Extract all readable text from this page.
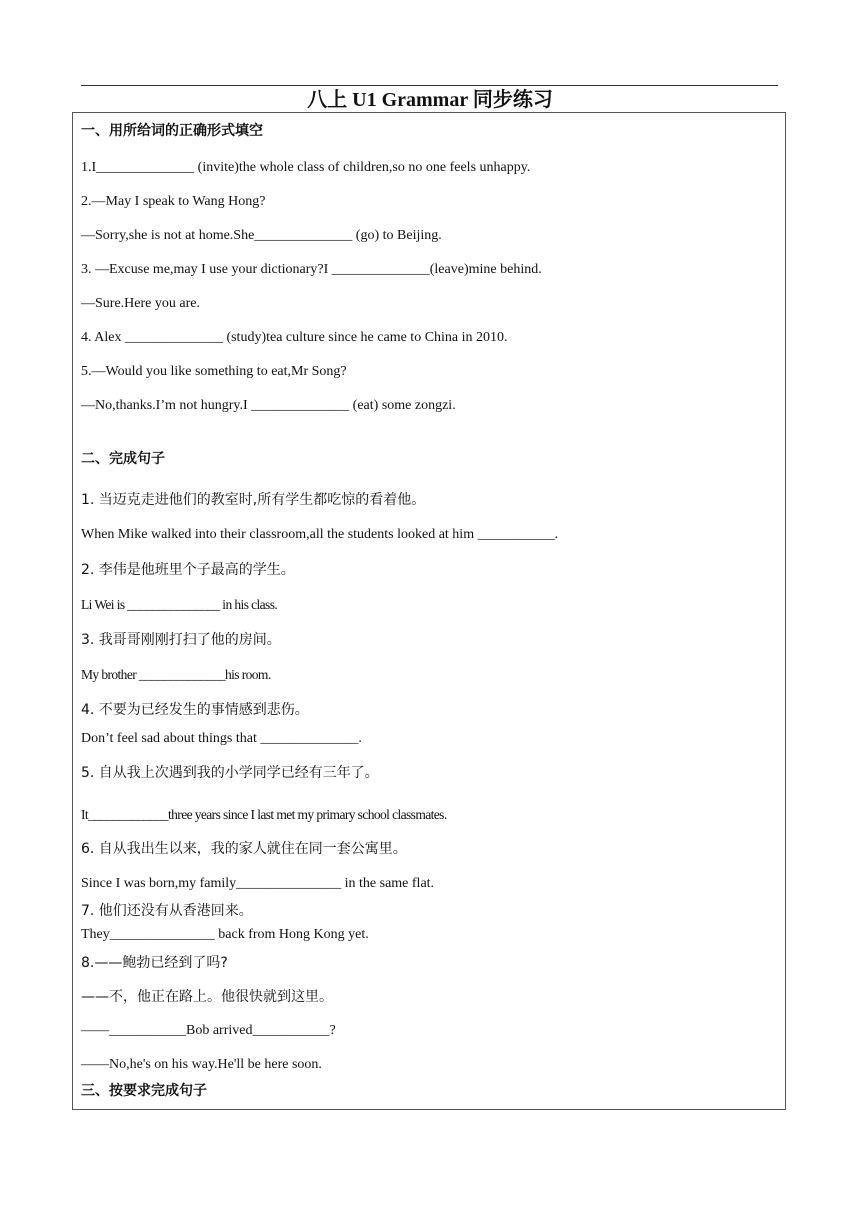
八上 U1 Grammar 同步练习
一、用所给词的正确形式填空
1.I______________ (invite)the whole class of children,so no one feels unhappy.
2.—May I speak to Wang Hong?
—Sorry,she is not at home.She______________ (go) to Beijing.
3. —Excuse me,may I use your dictionary?I ______________(leave)mine behind.
—Sure.Here you are.
4. Alex ______________ (study)tea culture since he came to China in 2010.
5.—Would you like something to eat,Mr Song?
—No,thanks.I’m not hungry.I ______________ (eat) some zongzi.
二、完成句子
1. 当迈克走进他们的教室时,所有学生都吃惊的看着他。
When Mike walked into their classroom,all the students looked at him ___________.
2. 李伟是他班里个子最高的学生。
Li Wei is _______________ in his class.
3. 我哥哥刚刚打扫了他的房间。
My brother ______________his room.
4. 不要为已经发生的事情感到悲伤。
Don’t feel sad about things that ______________.
5. 自从我上次遇到我的小学同学已经有三年了。
It_____________three years since I last met my primary school classmates.
6. 自从我出生以来，我的家人就住在同一套公寓里。
Since I was born,my family_______________ in the same flat.
7. 他们还没有从香港回来。
They_______________ back from Hong Kong yet.
8.——鲍勃已经到了吗?
——不，他正在路上。他很快就到这里。
——___________Bob arrived___________?
——No,he's on his way.He'll be here soon.
三、按要求完成句子
